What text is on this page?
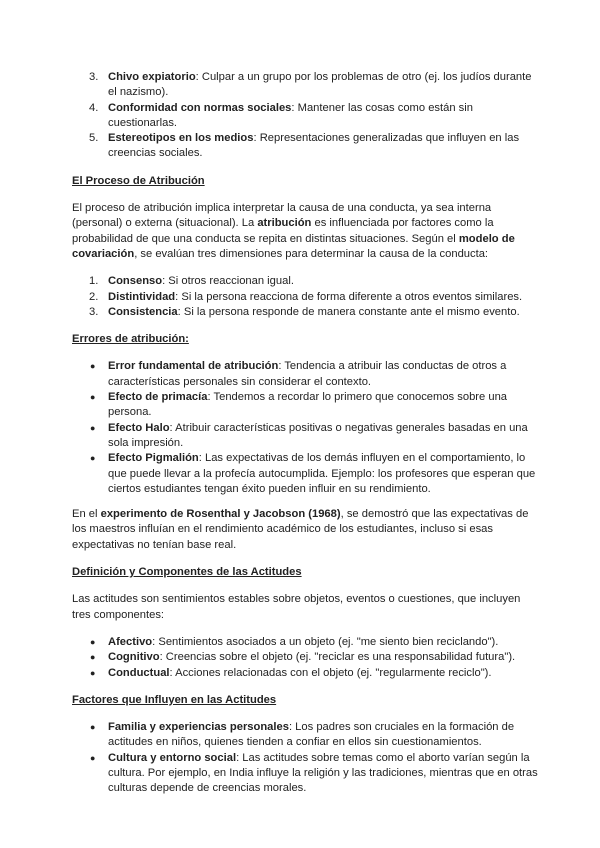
3. Chivo expiatorio: Culpar a un grupo por los problemas de otro (ej. los judíos durante el nazismo).
4. Conformidad con normas sociales: Mantener las cosas como están sin cuestionarlas.
5. Estereotipos en los medios: Representaciones generalizadas que influyen en las creencias sociales.
El Proceso de Atribución

El proceso de atribución implica interpretar la causa de una conducta, ya sea interna (personal) o externa (situacional). La atribución es influenciada por factores como la probabilidad de que una conducta se repita en distintas situaciones. Según el modelo de covariación, se evalúan tres dimensiones para determinar la causa de la conducta:

1. Consenso: Si otros reaccionan igual.
2. Distintividad: Si la persona reacciona de forma diferente a otros eventos similares.
3. Consistencia: Si la persona responde de manera constante ante el mismo evento.
Errores de atribución:
● Error fundamental de atribución: Tendencia a atribuir las conductas de otros a características personales sin considerar el contexto.
● Efecto de primacía: Tendemos a recordar lo primero que conocemos sobre una persona.
● Efecto Halo: Atribuir características positivas o negativas generales basadas en una sola impresión.
● Efecto Pigmalión: Las expectativas de los demás influyen en el comportamiento, lo que puede llevar a la profecía autocumplida. Ejemplo: los profesores que esperan que ciertos estudiantes tengan éxito pueden influir en su rendimiento.

En el experimento de Rosenthal y Jacobson (1968), se demostró que las expectativas de los maestros influían en el rendimiento académico de los estudiantes, incluso si esas expectativas no tenían base real.

Definición y Componentes de las Actitudes

Las actitudes son sentimientos estables sobre objetos, eventos o cuestiones, que incluyen tres componentes:

● Afectivo: Sentimientos asociados a un objeto (ej. "me siento bien reciclando").
● Cognitivo: Creencias sobre el objeto (ej. "reciclar es una responsabilidad futura").
● Conductual: Acciones relacionadas con el objeto (ej. "regularmente reciclo").
Factores que Influyen en las Actitudes
● Familia y experiencias personales: Los padres son cruciales en la formación de actitudes en niños, quienes tienden a confiar en ellos sin cuestionamientos.
● Cultura y entorno social: Las actitudes sobre temas como el aborto varían según la cultura. Por ejemplo, en India influye la religión y las tradiciones, mientras que en otras culturas depende de creencias morales.
